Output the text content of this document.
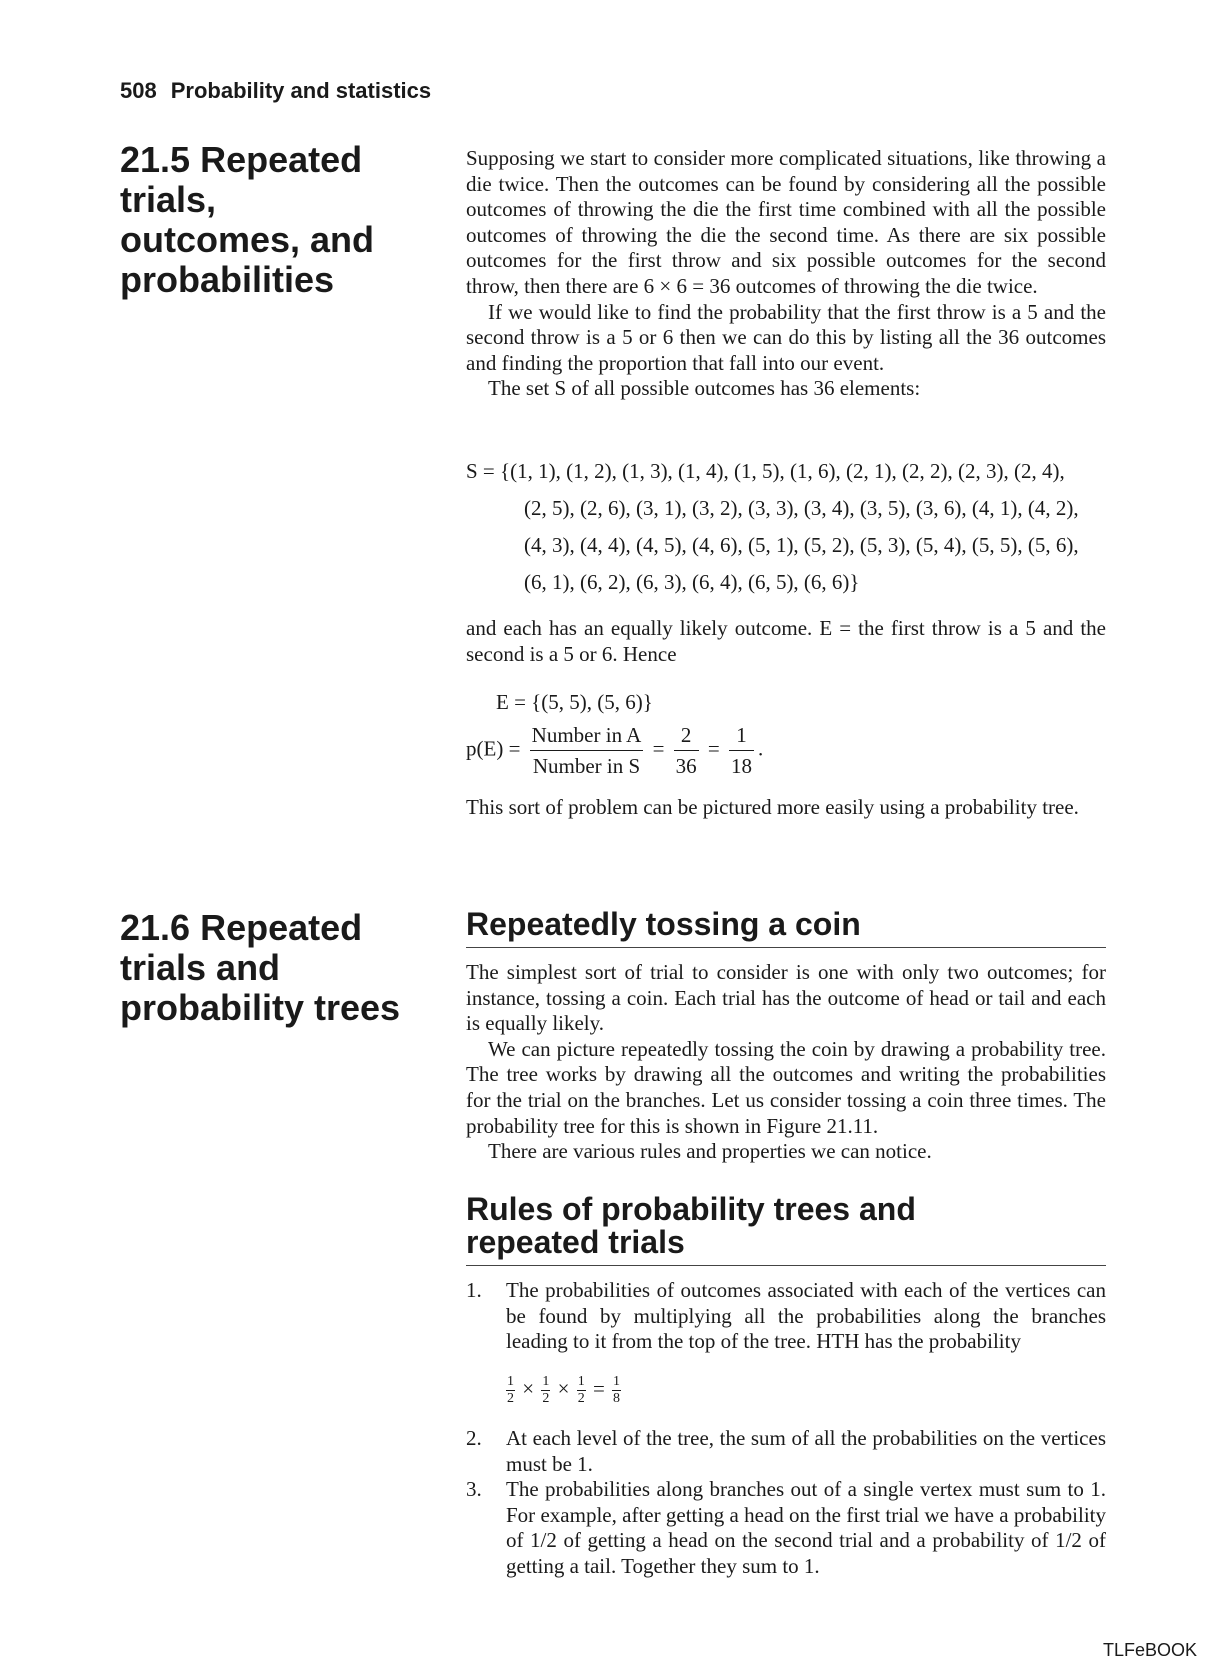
508 Probability and statistics
21.5 Repeated
trials,
outcomes, and
probabilities

Supposing we start to consider more complicated situations, like throwing a die twice. Then the outcomes can be found by considering all the possible outcomes of throwing the die the first time combined with all the possible outcomes of throwing the die the second time. As there are six possible outcomes for the first throw and six possible outcomes for the second throw, then there are 6 × 6 = 36 outcomes of throwing the die twice.

If we would like to find the probability that the first throw is a 5 and the second throw is a 5 or 6 then we can do this by listing all the 36 outcomes and finding the proportion that fall into our event.

The set S of all possible outcomes has 36 elements:

S = {(1, 1), (1, 2), (1, 3), (1, 4), (1, 5), (1, 6), (2, 1), (2, 2), (2, 3), (2, 4),
(2, 5), (2, 6), (3, 1), (3, 2), (3, 3), (3, 4), (3, 5), (3, 6), (4, 1), (4, 2),
(4, 3), (4, 4), (4, 5), (4, 6), (5, 1), (5, 2), (5, 3), (5, 4), (5, 5), (5, 6),
(6, 1), (6, 2), (6, 3), (6, 4), (6, 5), (6, 6)}

and each has an equally likely outcome. E = the first throw is a 5 and the second is a 5 or 6. Hence

E = {(5, 5), (5, 6)}
$p(E) = \frac{\text{Number in A}}{\text{Number in S}} = \frac{2}{36} = \frac{1}{18}$ .

This sort of problem can be pictured more easily using a probability tree.

21.6 Repeated
trials and
probability trees
Repeatedly tossing a coin

The simplest sort of trial to consider is one with only two outcomes; for instance, tossing a coin. Each trial has the outcome of head or tail and each is equally likely.

We can picture repeatedly tossing the coin by drawing a probability tree. The tree works by drawing all the outcomes and writing the probabilities for the trial on the branches. Let us consider tossing a coin three times. The probability tree for this is shown in Figure 21.11.

There are various rules and properties we can notice.

Rules of probability trees and
repeated trials
1. The probabilities of outcomes associated with each of the vertices can be found by multiplying all the probabilities along the branches leading to it from the top of the tree. HTH has the probability
$\frac{1}{2} \times \frac{1}{2} \times \frac{1}{2} = \frac{1}{8}$
2. At each level of the tree, the sum of all the probabilities on the vertices must be 1.
3. The probabilities along branches out of a single vertex must sum to 1. For example, after getting a head on the first trial we have a probability of 1/2 of getting a head on the second trial and a probability of 1/2 of getting a tail. Together they sum to 1.
TLFeBOOK
